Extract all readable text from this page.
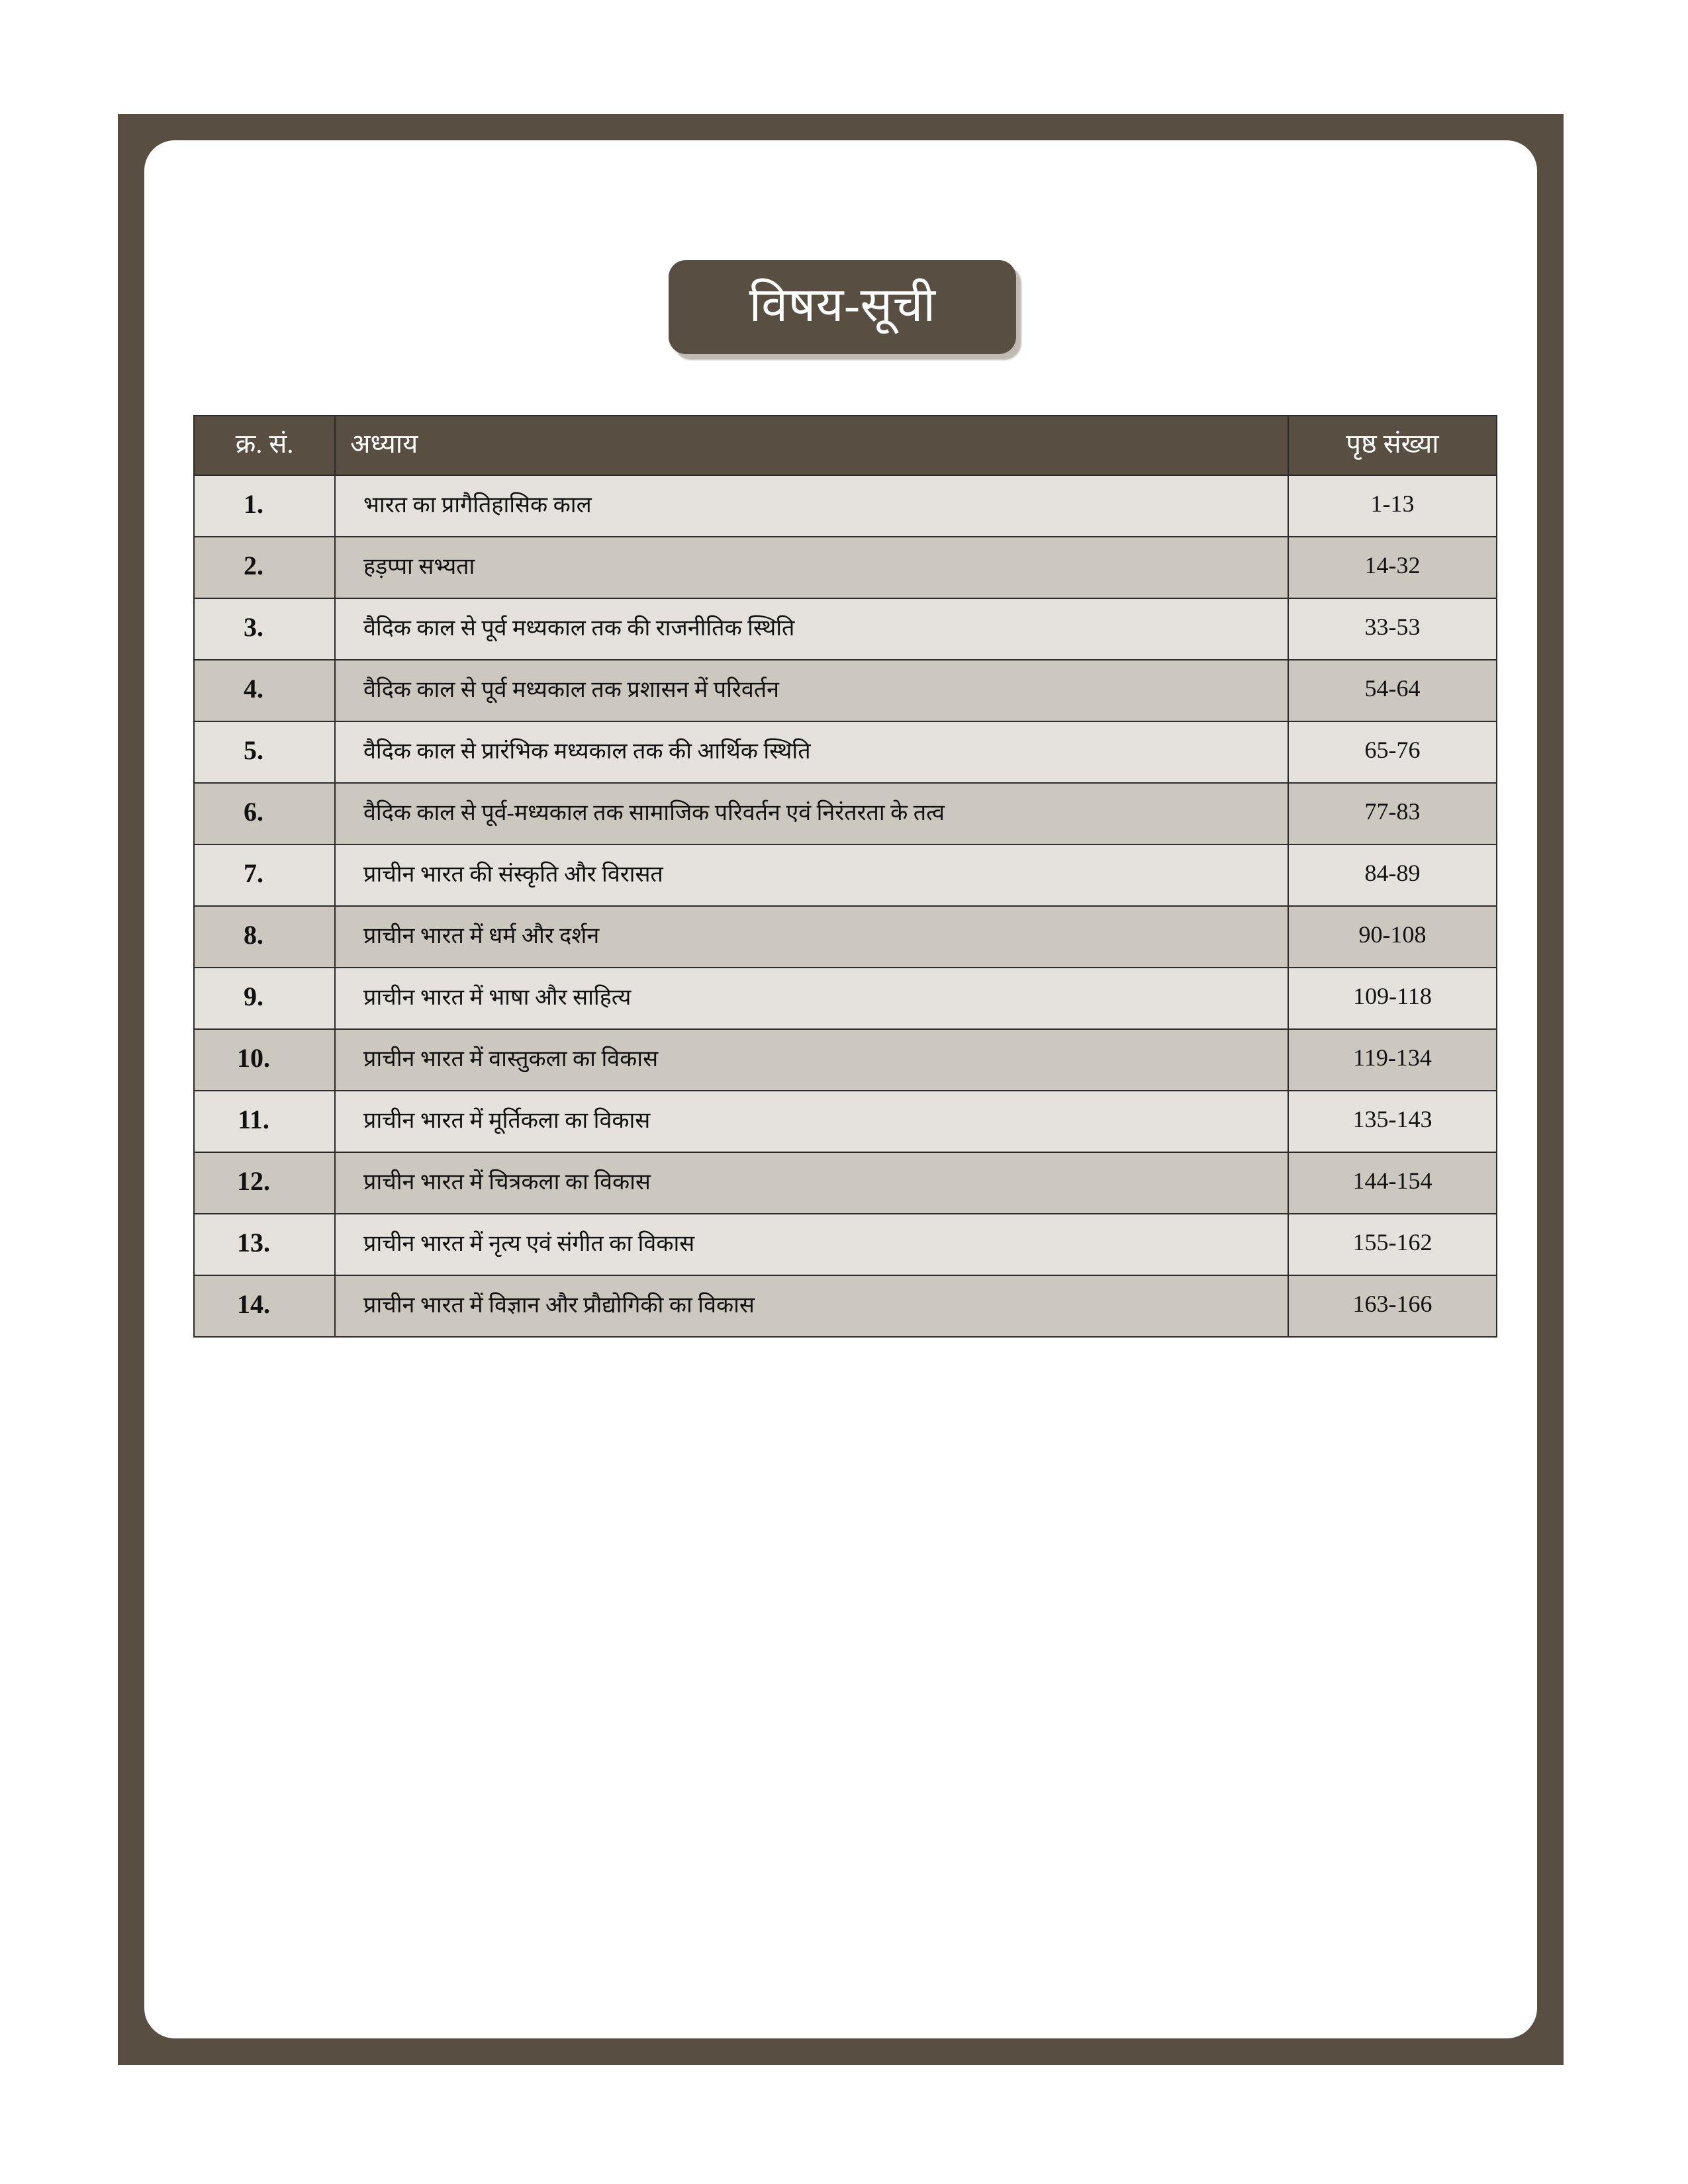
विषय-सूची
क्र. सं.	अध्याय	पृष्ठ संख्या
1.	भारत का प्रागैतिहासिक काल	1-13
2.	हड़प्पा सभ्यता	14-32
3.	वैदिक काल से पूर्व मध्यकाल तक की राजनीतिक स्थिति	33-53
4.	वैदिक काल से पूर्व मध्यकाल तक प्रशासन में परिवर्तन	54-64
5.	वैदिक काल से प्रारंभिक मध्यकाल तक की आर्थिक स्थिति	65-76
6.	वैदिक काल से पूर्व-मध्यकाल तक सामाजिक परिवर्तन एवं निरंतरता के तत्व	77-83
7.	प्राचीन भारत की संस्कृति और विरासत	84-89
8.	प्राचीन भारत में धर्म और दर्शन	90-108
9.	प्राचीन भारत में भाषा और साहित्य	109-118
10.	प्राचीन भारत में वास्तुकला का विकास	119-134
11.	प्राचीन भारत में मूर्तिकला का विकास	135-143
12.	प्राचीन भारत में चित्रकला का विकास	144-154
13.	प्राचीन भारत में नृत्य एवं संगीत का विकास	155-162
14.	प्राचीन भारत में विज्ञान और प्रौद्योगिकी का विकास	163-166
